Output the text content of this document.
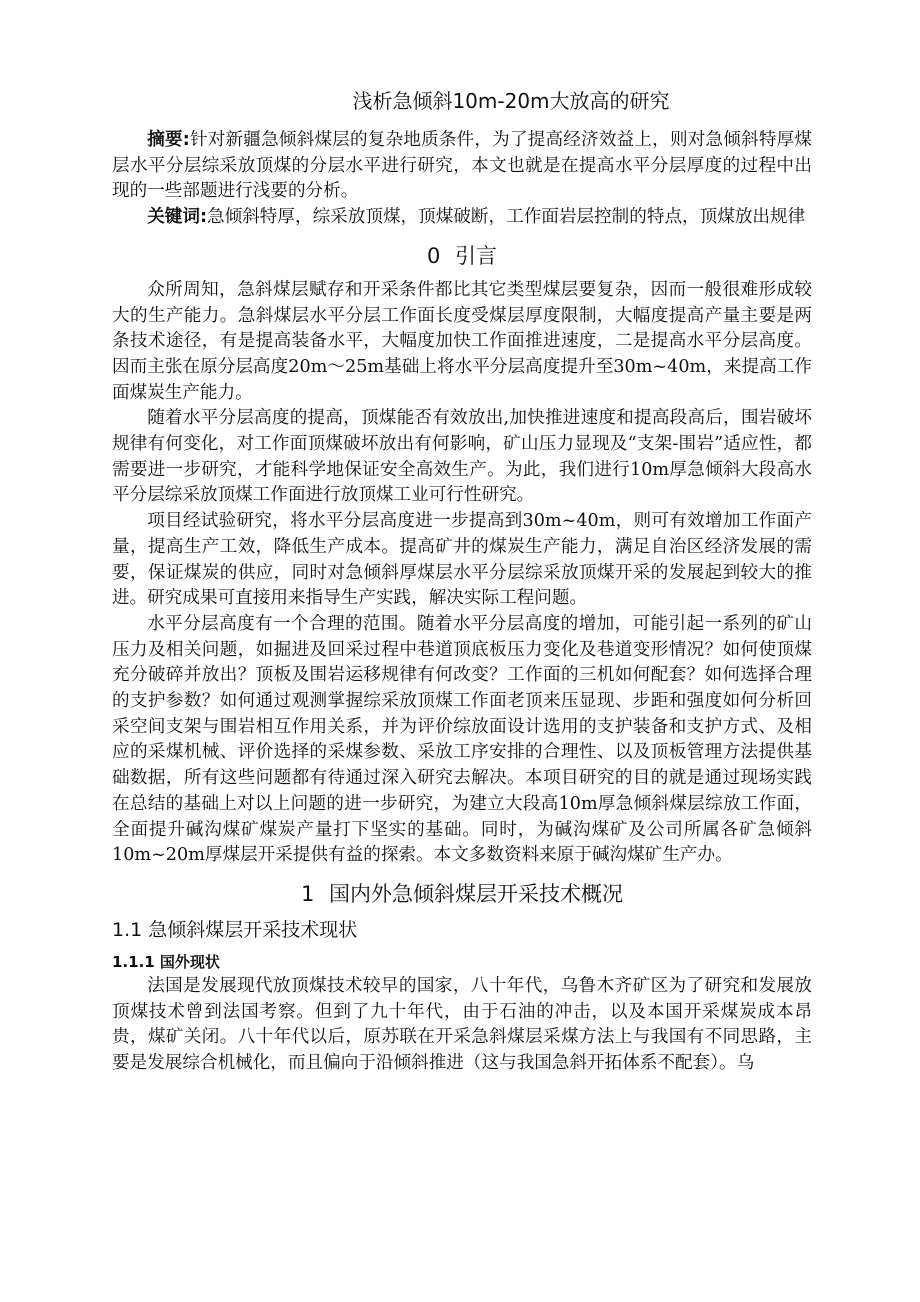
浅析急倾斜10m-20m大放高的研究

摘要:针对新疆急倾斜煤层的复杂地质条件，为了提高经济效益上，则对急倾斜特厚煤层水平分层综采放顶煤的分层水平进行研究，本文也就是在提高水平分层厚度的过程中出现的一些部题进行浅要的分析。

关键词:急倾斜特厚，综采放顶煤，顶煤破断，工作面岩层控制的特点，顶煤放出规律

0 引言

众所周知，急斜煤层赋存和开采条件都比其它类型煤层要复杂，因而一般很难形成较大的生产能力。急斜煤层水平分层工作面长度受煤层厚度限制，大幅度提高产量主要是两条技术途径，有是提高装备水平，大幅度加快工作面推进速度，二是提高水平分层高度。因而主张在原分层高度20m～25m基础上将水平分层高度提升至30m~40m，来提高工作面煤炭生产能力。

随着水平分层高度的提高，顶煤能否有效放出,加快推进速度和提高段高后，围岩破坏规律有何变化，对工作面顶煤破坏放出有何影响，矿山压力显现及“支架-围岩”适应性，都需要进一步研究，才能科学地保证安全高效生产。为此，我们进行10m厚急倾斜大段高水平分层综采放顶煤工作面进行放顶煤工业可行性研究。

项目经试验研究，将水平分层高度进一步提高到30m~40m，则可有效增加工作面产量，提高生产工效，降低生产成本。提高矿井的煤炭生产能力，满足自治区经济发展的需要，保证煤炭的供应，同时对急倾斜厚煤层水平分层综采放顶煤开采的发展起到较大的推进。研究成果可直接用来指导生产实践，解决实际工程问题。

水平分层高度有一个合理的范围。随着水平分层高度的增加，可能引起一系列的矿山压力及相关问题，如掘进及回采过程中巷道顶底板压力变化及巷道变形情况？如何使顶煤充分破碎并放出？顶板及围岩运移规律有何改变？工作面的三机如何配套？如何选择合理的支护参数？如何通过观测掌握综采放顶煤工作面老顶来压显现、步距和强度如何分析回采空间支架与围岩相互作用关系，并为评价综放面设计选用的支护装备和支护方式、及相应的采煤机械、评价选择的采煤参数、采放工序安排的合理性、以及顶板管理方法提供基础数据，所有这些问题都有待通过深入研究去解决。本项目研究的目的就是通过现场实践在总结的基础上对以上问题的进一步研究，为建立大段高10m厚急倾斜煤层综放工作面，全面提升碱沟煤矿煤炭产量打下坚实的基础。同时，为碱沟煤矿及公司所属各矿急倾斜10m~20m厚煤层开采提供有益的探索。本文多数资料来原于碱沟煤矿生产办。

1 国内外急倾斜煤层开采技术概况
1.1 急倾斜煤层开采技术现状
1.1.1 国外现状

法国是发展现代放顶煤技术较早的国家，八十年代，乌鲁木齐矿区为了研究和发展放顶煤技术曾到法国考察。但到了九十年代，由于石油的冲击，以及本国开采煤炭成本昂贵，煤矿关闭。八十年代以后，原苏联在开采急斜煤层采煤方法上与我国有不同思路，主要是发展综合机械化，而且偏向于沿倾斜推进（这与我国急斜开拓体系不配套）。乌
